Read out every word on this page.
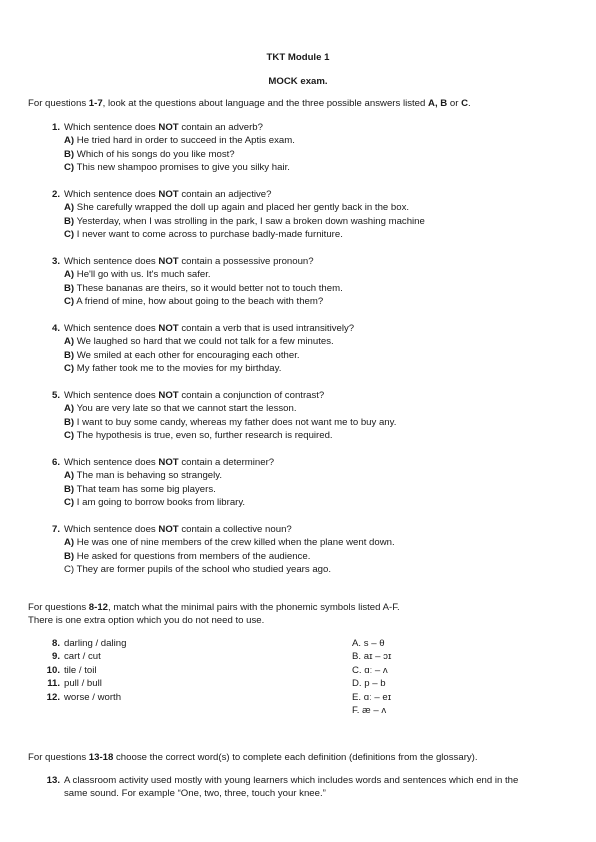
TKT Module 1
MOCK exam.
For questions 1-7, look at the questions about language and the three possible answers listed A, B or C.
1. Which sentence does NOT contain an adverb?
A) He tried hard in order to succeed in the Aptis exam.
B) Which of his songs do you like most?
C) This new shampoo promises to give you silky hair.
2. Which sentence does NOT contain an adjective?
A) She carefully wrapped the doll up again and placed her gently back in the box.
B) Yesterday, when I was strolling in the park, I saw a broken down washing machine
C) I never want to come across to purchase badly-made furniture.
3. Which sentence does NOT contain a possessive pronoun?
A) He'll go with us. It's much safer.
B) These bananas are theirs, so it would better not to touch them.
C) A friend of mine, how about going to the beach with them?
4. Which sentence does NOT contain a verb that is used intransitively?
A) We laughed so hard that we could not talk for a few minutes.
B) We smiled at each other for encouraging each other.
C) My father took me to the movies for my birthday.
5. Which sentence does NOT contain a conjunction of contrast?
A) You are very late so that we cannot start the lesson.
B) I want to buy some candy, whereas my father does not want me to buy any.
C) The hypothesis is true, even so, further research is required.
6. Which sentence does NOT contain a determiner?
A) The man is behaving so strangely.
B) That team has some big players.
C) I am going to borrow books from library.
7. Which sentence does NOT contain a collective noun?
A) He was one of nine members of the crew killed when the plane went down.
B) He asked for questions from members of the audience.
C) They are former pupils of the school who studied years ago.
For questions 8-12, match what the minimal pairs with the phonemic symbols listed A-F.
There is one extra option which you do not need to use.
8. darling / daling
9. cart / cut
10. tile / toil
11. pull / bull
12. worse / worth
A. s – θ
B. aɪ – ɔɪ
C. ɑː – ʌ
D. p – b
E. ɑː – eɪ
F. æ – ʌ
For questions 13-18 choose the correct word(s) to complete each definition (definitions from the glossary).
13. A classroom activity used mostly with young learners which includes words and sentences which end in the
same sound. For example “One, two, three, touch your knee.”
